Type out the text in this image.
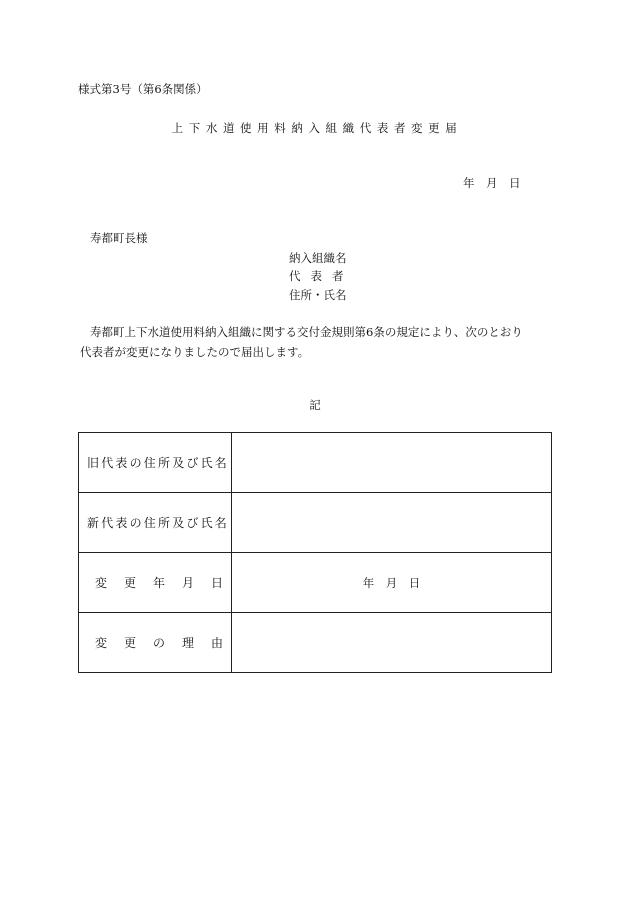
様式第3号（第6条関係）
上下水道使用料納入組織代表者変更届
年　月　日
寿都町長様
納入組織名
代表者
住所・氏名
寿都町上下水道使用料納入組織に関する交付金規則第6条の規定により、次のとおり
代表者が変更になりましたので届出します。
記
旧代表の住所及び氏名	

新代表の住所及び氏名	

変 更 年 月 日	年　月　日

変 更 の 理 由	
